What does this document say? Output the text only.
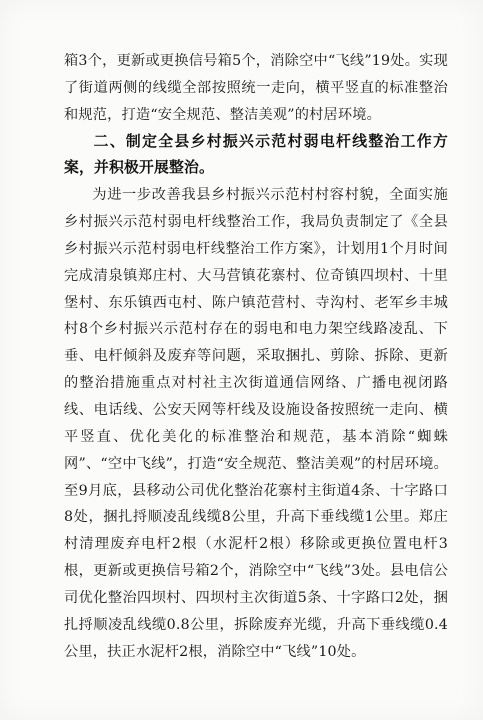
箱3个，更新或更换信号箱5个，消除空中“飞线”19处。实现了街道两侧的线缆全部按照统一走向，横平竖直的标准整治和规范，打造“安全规范、整洁美观”的村居环境。

二、制定全县乡村振兴示范村弱电杆线整治工作方案，并积极开展整治。

为进一步改善我县乡村振兴示范村村容村貌，全面实施乡村振兴示范村弱电杆线整治工作，我局负责制定了《全县乡村振兴示范村弱电杆线整治工作方案》，计划用1个月时间完成清泉镇郑庄村、大马营镇花寨村、位奇镇四坝村、十里堡村、东乐镇西屯村、陈户镇范营村、寺沟村、老军乡丰城村8个乡村振兴示范村存在的弱电和电力架空线路凌乱、下垂、电杆倾斜及废弃等问题，采取捆扎、剪除、拆除、更新的整治措施重点对村社主次街道通信网络、广播电视闭路线、电话线、公安天网等杆线及设施设备按照统一走向、横平竖直、优化美化的标准整治和规范，基本消除“蜘蛛网”、“空中飞线”，打造“安全规范、整洁美观”的村居环境。至9月底，县移动公司优化整治花寨村主街道4条、十字路口8处，捆扎捋顺凌乱线缆8公里，升高下垂线缆1公里。郑庄村清理废弃电杆2根（水泥杆2根）移除或更换位置电杆3根，更新或更换信号箱2个，消除空中“飞线”3处。县电信公司优化整治四坝村、四坝村主次街道5条、十字路口2处，捆扎捋顺凌乱线缆0.8公里，拆除废弃光缆，升高下垂线缆0.4公里，扶正水泥杆2根，消除空中“飞线”10处。
